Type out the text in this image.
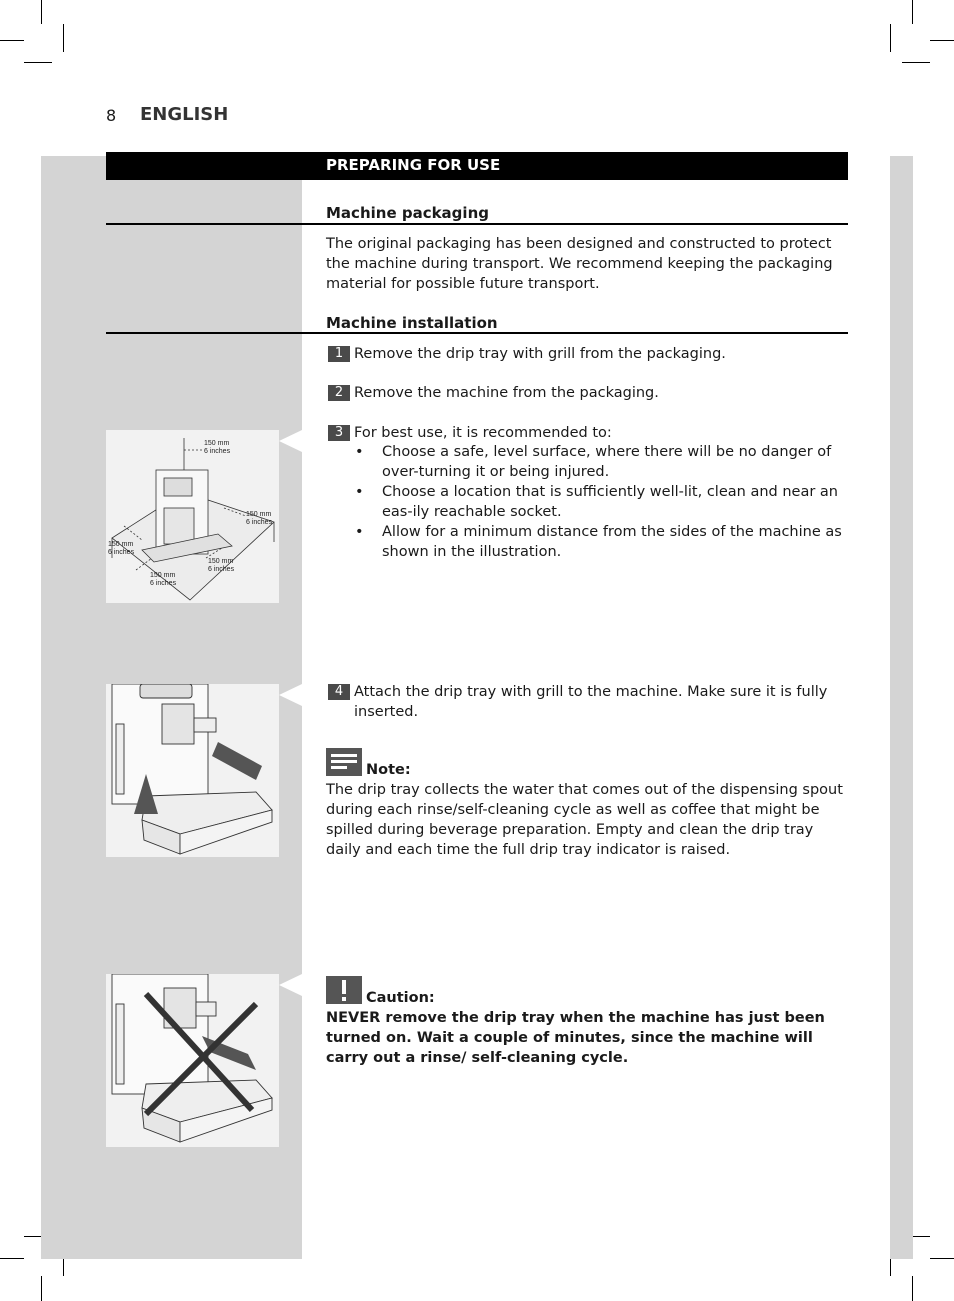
8 ENGLISH
PREPARING FOR USE
Machine packaging

The original packaging has been designed and constructed to protect the machine during transport. We recommend keeping the packaging material for possible future transport.

Machine installation
1 Remove the drip tray with grill from the packaging.
2 Remove the machine from the packaging.
3 For best use, it is recommended to:
• Choose a safe, level surface, where there will be no danger of over-turning it or being injured.
• Choose a location that is sufficiently well-lit, clean and near an eas-ily reachable socket.
• Allow for a minimum distance from the sides of the machine as shown in the illustration.
150 mm
6 inches
150 mm
6 inches
150 mm
6 inches
150 mm
6 inches
150 mm
6 inches
4 Attach the drip tray with grill to the machine. Make sure it is fully inserted.
Note:

The drip tray collects the water that comes out of the dispensing spout during each rinse/self-cleaning cycle as well as coffee that might be spilled during beverage preparation. Empty and clean the drip tray daily and each time the full drip tray indicator is raised.

Caution:

NEVER remove the drip tray when the machine has just been turned on. Wait a couple of minutes, since the machine will carry out a rinse/ self-cleaning cycle.
